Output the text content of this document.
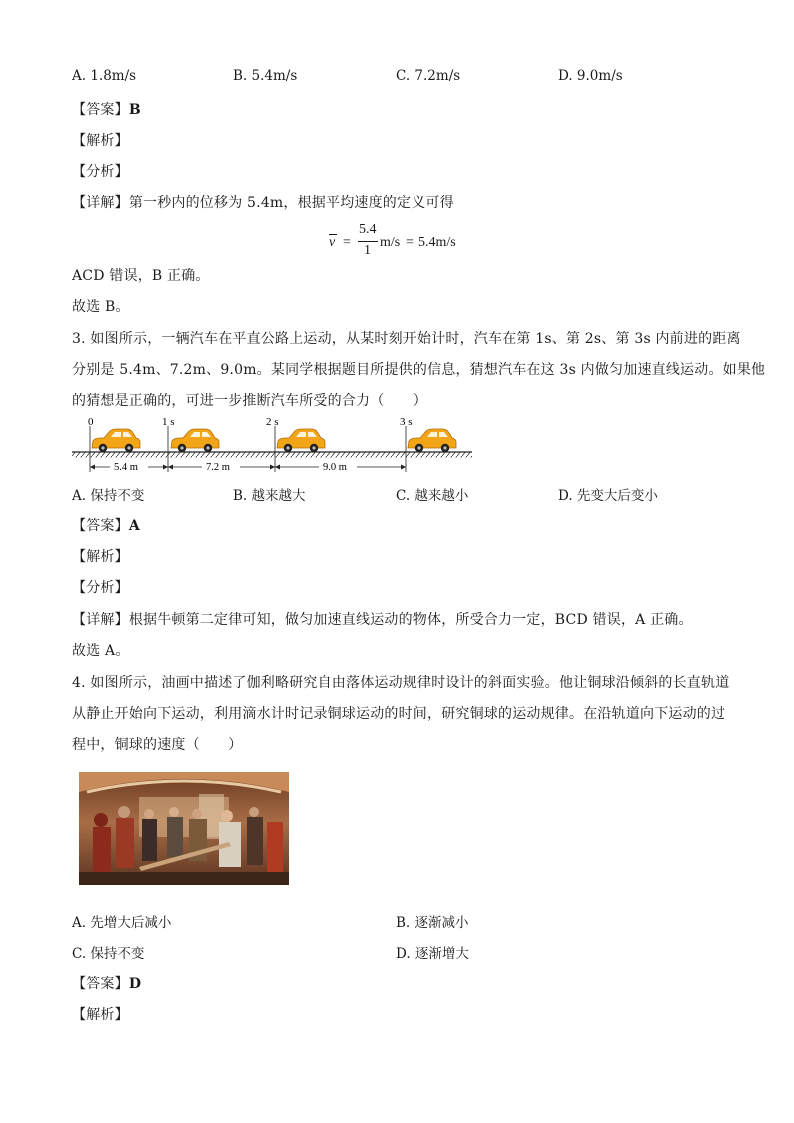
A. 1.8m/s	B. 5.4m/s	C. 7.2m/s	D. 9.0m/s
【答案】B
【解析】
【分析】
【详解】第一秒内的位移为 5.4m，根据平均速度的定义可得
v =
5.4
1
m/s = 5.4m/s
ACD 错误，B 正确。
故选 B。
3. 如图所示，一辆汽车在平直公路上运动，从某时刻开始计时，汽车在第 1s、第 2s、第 3s 内前进的距离
分别是 5.4m、7.2m、9.0m。某同学根据题目所提供的信息，猜想汽车在这 3s 内做匀加速直线运动。如果他
的猜想是正确的，可进一步推断汽车所受的合力（　　）
0	1 s	2 s	3 s
5.4 m	7.2 m	9.0 m
A. 保持不变	B. 越来越大	C. 越来越小	D. 先变大后变小
【答案】A
【解析】
【分析】
【详解】根据牛顿第二定律可知，做匀加速直线运动的物体，所受合力一定，BCD 错误，A 正确。
故选 A。
4. 如图所示，油画中描述了伽利略研究自由落体运动规律时设计的斜面实验。他让铜球沿倾斜的长直轨道
从静止开始向下运动，利用滴水计时记录铜球运动的时间，研究铜球的运动规律。在沿轨道向下运动的过
程中，铜球的速度（　　）
A. 先增大后减小	B. 逐渐减小
C. 保持不变	D. 逐渐增大
【答案】D
【解析】
